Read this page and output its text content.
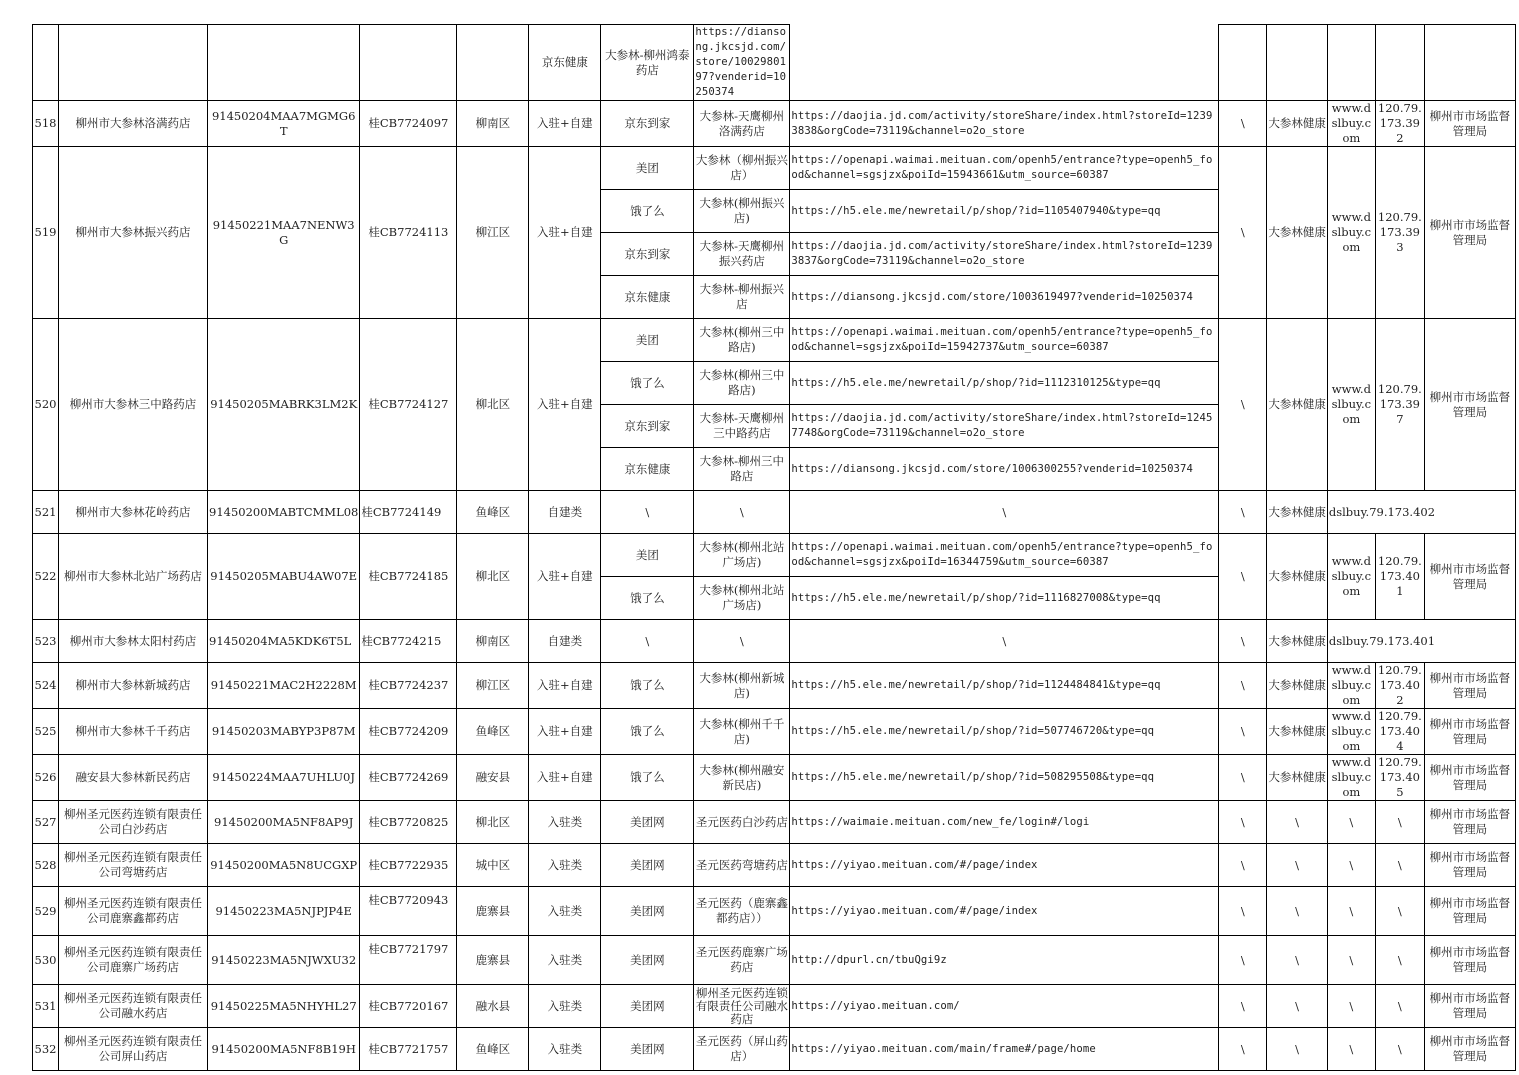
					京东健康	大参林-柳州鸿泰药店	https://diansong.jkcsjd.com/store/1002980197?venderid=10250374						
518	柳州市大参林洛满药店	91450204MAA7MGMG6T	桂CB7724097	柳南区	入驻+自建	京东到家	大参林-天鹰柳州洛满药店	https://daojia.jd.com/activity/storeShare/index.html?storeId=12393838&orgCode=73119&channel=o2o_store	\	大参林健康	www.dslbuy.com	120.79.173.392	柳州市市场监督管理局
519	柳州市大参林振兴药店	91450221MAA7NENW3G	桂CB7724113	柳江区	入驻+自建	美团	大参林（柳州振兴店）	https://openapi.waimai.meituan.com/openh5/entrance?type=openh5_food&channel=sgsjzx&poiId=15943661&utm_source=60387	\	大参林健康	www.dslbuy.com	120.79.173.393	柳州市市场监督管理局
						饿了么	大参林(柳州振兴店)	https://h5.ele.me/newretail/p/shop/?id=1105407940&type=qq					
						京东到家	大参林-天鹰柳州振兴药店	https://daojia.jd.com/activity/storeShare/index.html?storeId=12393837&orgCode=73119&channel=o2o_store					
						京东健康	大参林-柳州振兴店	https://diansong.jkcsjd.com/store/1003619497?venderid=10250374					
520	柳州市大参林三中路药店	91450205MABRK3LM2K	桂CB7724127	柳北区	入驻+自建	美团	大参林(柳州三中路店)	https://openapi.waimai.meituan.com/openh5/entrance?type=openh5_food&channel=sgsjzx&poiId=15942737&utm_source=60387	\	大参林健康	www.dslbuy.com	120.79.173.397	柳州市市场监督管理局
						饿了么	大参林(柳州三中路店)	https://h5.ele.me/newretail/p/shop/?id=1112310125&type=qq					
						京东到家	大参林-天鹰柳州三中路药店	https://daojia.jd.com/activity/storeShare/index.html?storeId=12457748&orgCode=73119&channel=o2o_store					
						京东健康	大参林-柳州三中路店	https://diansong.jkcsjd.com/store/1006300255?venderid=10250374					
521	柳州市大参林花岭药店	91450200MABTCMML08	桂CB7724149	鱼峰区	自建类	\	\	\	\	大参林健康	dslbuy.79.173.402		
522	柳州市大参林北站广场药店	91450205MABU4AW07E	桂CB7724185	柳北区	入驻+自建	美团	大参林(柳州北站广场店)	https://openapi.waimai.meituan.com/openh5/entrance?type=openh5_food&channel=sgsjzx&poiId=16344759&utm_source=60387	\	大参林健康	www.dslbuy.com	120.79.173.401	柳州市市场监督管理局
						饿了么	大参林(柳州北站广场店)	https://h5.ele.me/newretail/p/shop/?id=1116827008&type=qq					
523	柳州市大参林太阳村药店	91450204MA5KDK6T5L	桂CB7724215	柳南区	自建类	\	\	\	\	大参林健康	dslbuy.79.173.401		
524	柳州市大参林新城药店	91450221MAC2H2228M	桂CB7724237	柳江区	入驻+自建	饿了么	大参林(柳州新城店)	https://h5.ele.me/newretail/p/shop/?id=1124484841&type=qq	\	大参林健康	www.dslbuy.com	120.79.173.402	柳州市市场监督管理局
525	柳州市大参林千千药店	91450203MABYP3P87M	桂CB7724209	鱼峰区	入驻+自建	饿了么	大参林(柳州千千店)	https://h5.ele.me/newretail/p/shop/?id=507746720&type=qq	\	大参林健康	www.dslbuy.com	120.79.173.404	柳州市市场监督管理局
526	融安县大参林新民药店	91450224MAA7UHLU0J	桂CB7724269	融安县	入驻+自建	饿了么	大参林(柳州融安新民店)	https://h5.ele.me/newretail/p/shop/?id=508295508&type=qq	\	大参林健康	www.dslbuy.com	120.79.173.405	柳州市市场监督管理局
527	柳州圣元医药连锁有限责任公司白沙药店	91450200MA5NF8AP9J	桂CB7720825	柳北区	入驻类	美团网	圣元医药白沙药店	https://waimaie.meituan.com/new_fe/login#/logi	\	\	\	\	柳州市市场监督管理局
528	柳州圣元医药连锁有限责任公司弯塘药店	91450200MA5N8UCGXP	桂CB7722935	城中区	入驻类	美团网	圣元医药弯塘药店	https://yiyao.meituan.com/#/page/index	\	\	\	\	柳州市市场监督管理局
529	柳州圣元医药连锁有限责任公司鹿寨鑫都药店	91450223MA5NJPJP4E	桂CB7720943	鹿寨县	入驻类	美团网	圣元医药（鹿寨鑫都药店））	https://yiyao.meituan.com/#/page/index	\	\	\	\	柳州市市场监督管理局
530	柳州圣元医药连锁有限责任公司鹿寨广场药店	91450223MA5NJWXU32	桂CB7721797	鹿寨县	入驻类	美团网	圣元医药鹿寨广场药店	http://dpurl.cn/tbuQgi9z	\	\	\	\	柳州市市场监督管理局
531	柳州圣元医药连锁有限责任公司融水药店	91450225MA5NHYHL27	桂CB7720167	融水县	入驻类	美团网	柳州圣元医药连锁有限责任公司融水药店	https://yiyao.meituan.com/	\	\	\	\	柳州市市场监督管理局
532	柳州圣元医药连锁有限责任公司屏山药店	91450200MA5NF8B19H	桂CB7721757	鱼峰区	入驻类	美团网	圣元医药（屏山药店）	https://yiyao.meituan.com/main/frame#/page/home	\	\	\	\	柳州市市场监督管理局
